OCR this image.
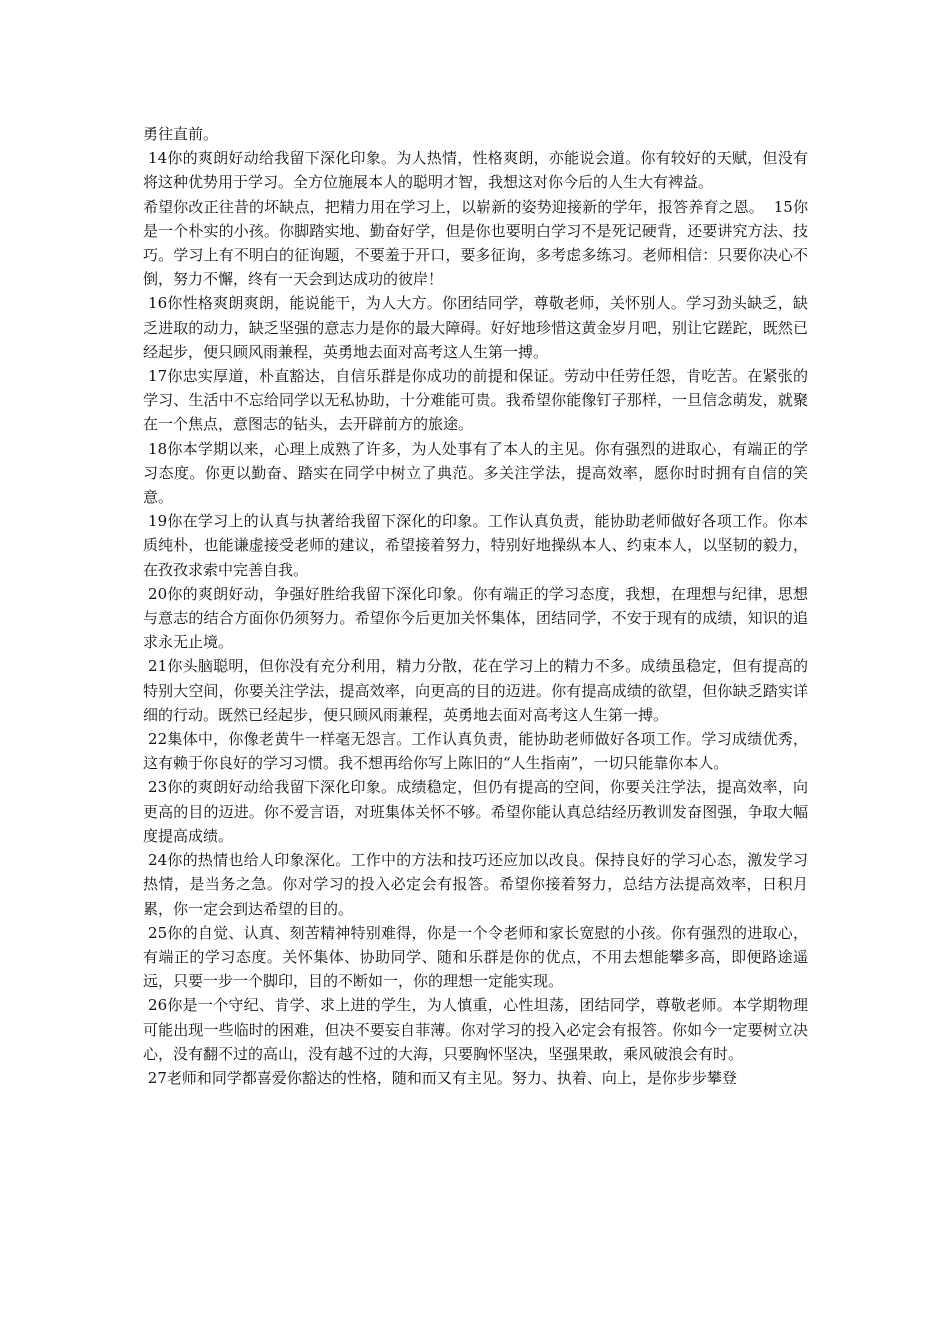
勇往直前。

14你的爽朗好动给我留下深化印象。为人热情，性格爽朗，亦能说会道。你有较好的天赋，但没有将这种优势用于学习。全方位施展本人的聪明才智，我想这对你今后的人生大有裨益。

希望你改正往昔的坏缺点，把精力用在学习上，以崭新的姿势迎接新的学年，报答养育之恩。  15你是一个朴实的小孩。你脚踏实地、勤奋好学，但是你也要明白学习不是死记硬背，还要讲究方法、技巧。学习上有不明白的征询题，不要羞于开口，要多征询，多考虑多练习。老师相信：只要你决心不倒，努力不懈，终有一天会到达成功的彼岸！

16你性格爽朗爽朗，能说能干，为人大方。你团结同学，尊敬老师，关怀别人。学习劲头缺乏，缺乏进取的动力，缺乏坚强的意志力是你的最大障碍。好好地珍惜这黄金岁月吧，别让它蹉跎，既然已经起步，便只顾风雨兼程，英勇地去面对高考这人生第一搏。

17你忠实厚道，朴直豁达，自信乐群是你成功的前提和保证。劳动中任劳任怨，肯吃苦。在紧张的学习、生活中不忘给同学以无私协助，十分难能可贵。我希望你能像钉子那样，一旦信念萌发，就聚在一个焦点，意图志的钻头，去开辟前方的旅途。

18你本学期以来，心理上成熟了许多，为人处事有了本人的主见。你有强烈的进取心，有端正的学习态度。你更以勤奋、踏实在同学中树立了典范。多关注学法，提高效率，愿你时时拥有自信的笑意。

19你在学习上的认真与执著给我留下深化的印象。工作认真负责，能协助老师做好各项工作。你本质纯朴，也能谦虚接受老师的建议，希望接着努力，特别好地操纵本人、约束本人，以坚韧的毅力，在孜孜求索中完善自我。

20你的爽朗好动，争强好胜给我留下深化印象。你有端正的学习态度，我想，在理想与纪律，思想与意志的结合方面你仍须努力。希望你今后更加关怀集体，团结同学，不安于现有的成绩，知识的追求永无止境。

21你头脑聪明，但你没有充分利用，精力分散，花在学习上的精力不多。成绩虽稳定，但有提高的特别大空间，你要关注学法，提高效率，向更高的目的迈进。你有提高成绩的欲望，但你缺乏踏实详细的行动。既然已经起步，便只顾风雨兼程，英勇地去面对高考这人生第一搏。

22集体中，你像老黄牛一样毫无怨言。工作认真负责，能协助老师做好各项工作。学习成绩优秀，这有赖于你良好的学习习惯。我不想再给你写上陈旧的“人生指南”，一切只能靠你本人。

23你的爽朗好动给我留下深化印象。成绩稳定，但仍有提高的空间，你要关注学法，提高效率，向更高的目的迈进。你不爱言语，对班集体关怀不够。希望你能认真总结经历教训发奋图强，争取大幅度提高成绩。

24你的热情也给人印象深化。工作中的方法和技巧还应加以改良。保持良好的学习心态，激发学习热情，是当务之急。你对学习的投入必定会有报答。希望你接着努力，总结方法提高效率，日积月累，你一定会到达希望的目的。

25你的自觉、认真、刻苦精神特别难得，你是一个令老师和家长宽慰的小孩。你有强烈的进取心，有端正的学习态度。关怀集体、协助同学、随和乐群是你的优点，不用去想能攀多高，即便路途遥远，只要一步一个脚印，目的不断如一，你的理想一定能实现。

26你是一个守纪、肯学、求上进的学生，为人慎重，心性坦荡，团结同学，尊敬老师。本学期物理可能出现一些临时的困难，但决不要妄自菲薄。你对学习的投入必定会有报答。你如今一定要树立决心，没有翻不过的高山，没有越不过的大海，只要胸怀坚决，坚强果敢，乘风破浪会有时。

27老师和同学都喜爱你豁达的性格，随和而又有主见。努力、执着、向上，是你步步攀登
